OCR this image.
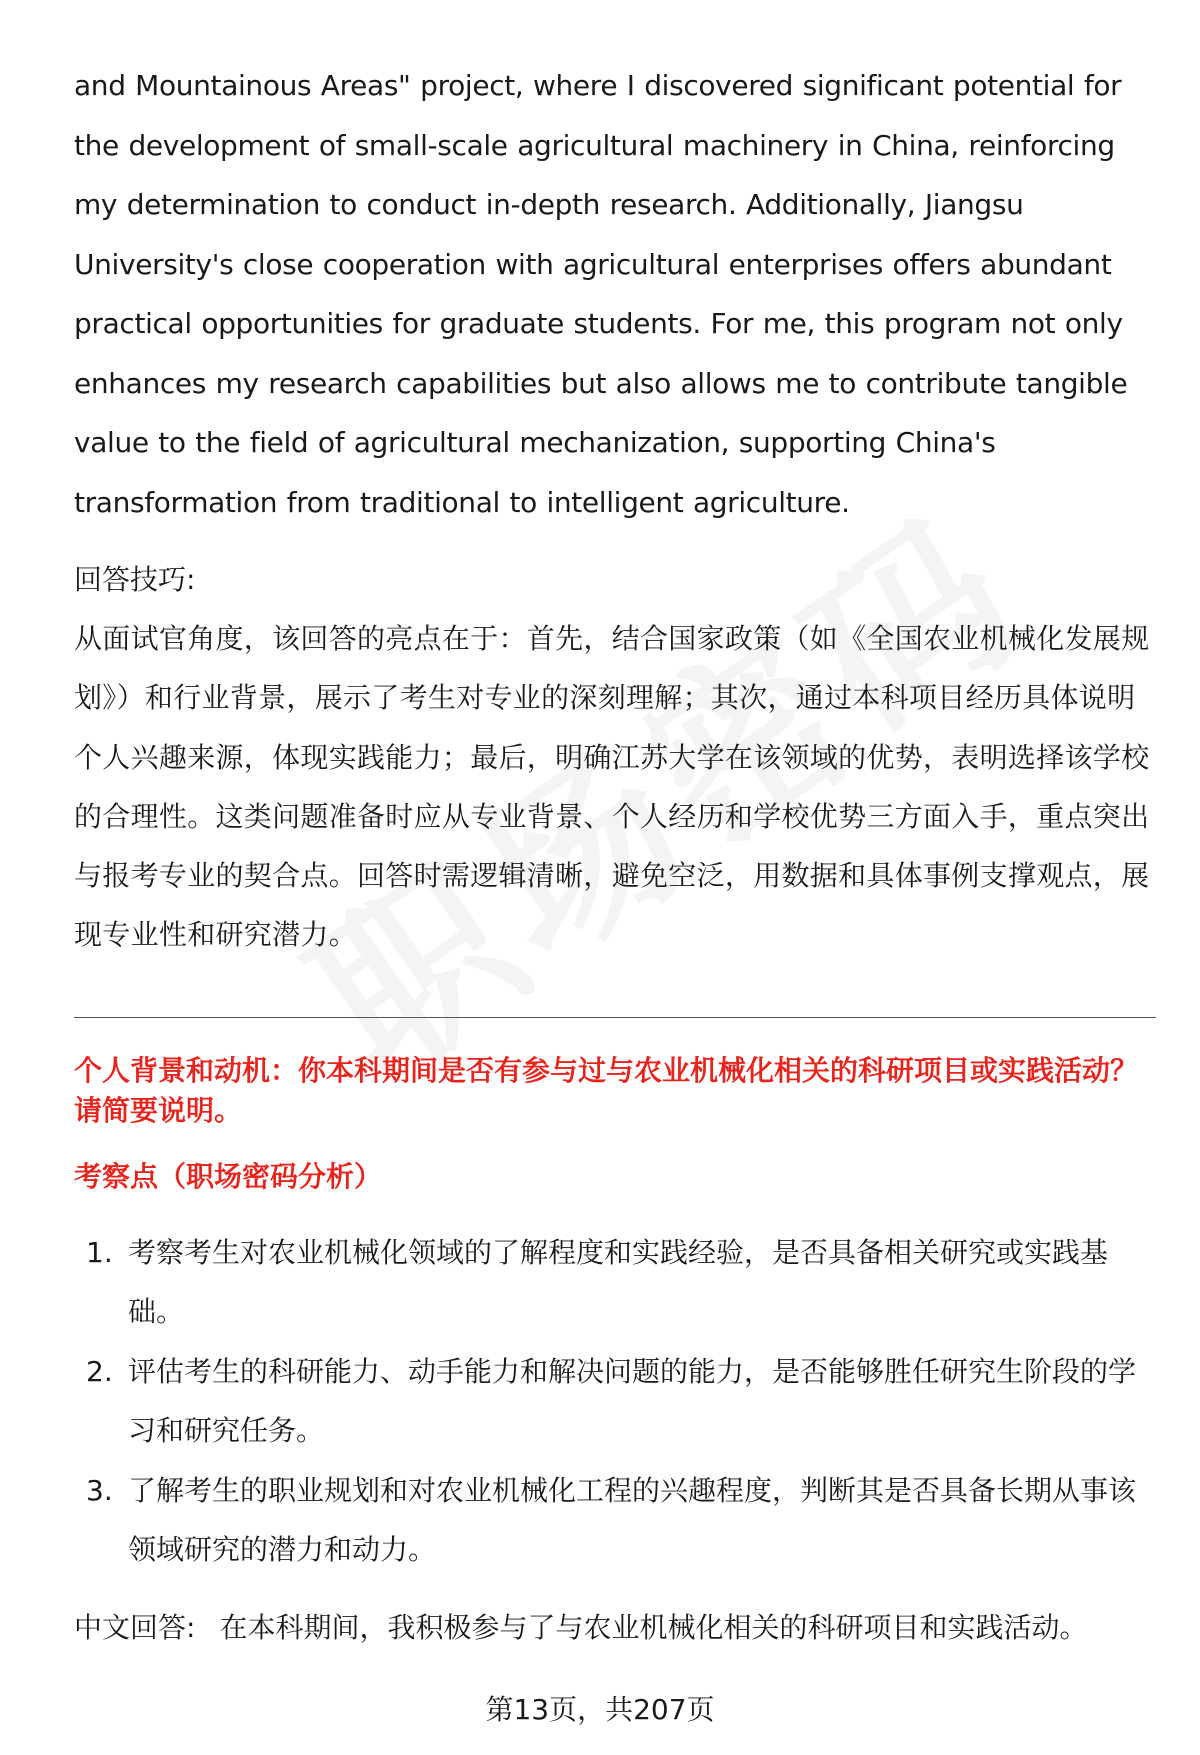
and Mountainous Areas" project, where I discovered significant potential for the development of small-scale agricultural machinery in China, reinforcing my determination to conduct in-depth research. Additionally, Jiangsu University's close cooperation with agricultural enterprises offers abundant practical opportunities for graduate students. For me, this program not only enhances my research capabilities but also allows me to contribute tangible value to the field of agricultural mechanization, supporting China's transformation from traditional to intelligent agriculture.

回答技巧:

从面试官角度，该回答的亮点在于：首先，结合国家政策（如《全国农业机械化发展规划》）和行业背景，展示了考生对专业的深刻理解；其次，通过本科项目经历具体说明个人兴趣来源，体现实践能力；最后，明确江苏大学在该领域的优势，表明选择该学校的合理性。这类问题准备时应从专业背景、个人经历和学校优势三方面入手，重点突出与报考专业的契合点。回答时需逻辑清晰，避免空泛，用数据和具体事例支撑观点，展现专业性和研究潜力。

个人背景和动机：你本科期间是否有参与过与农业机械化相关的科研项目或实践活动？请简要说明。

考察点（职场密码分析）

1. 考察考生对农业机械化领域的了解程度和实践经验，是否具备相关研究或实践基础。
2. 评估考生的科研能力、动手能力和解决问题的能力，是否能够胜任研究生阶段的学习和研究任务。
3. 了解考生的职业规划和对农业机械化工程的兴趣程度，判断其是否具备长期从事该领域研究的潜力和动力。

中文回答: 在本科期间，我积极参与了与农业机械化相关的科研项目和实践活动。

第13页，共207页
